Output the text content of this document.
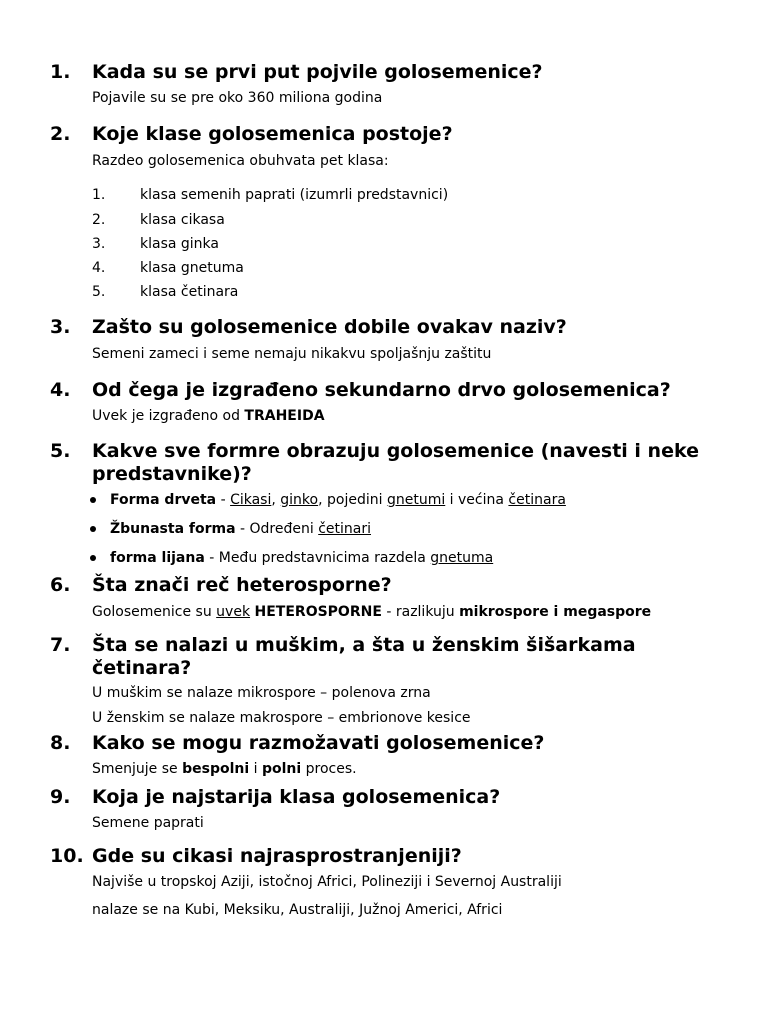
1. Kada su se prvi put pojvile golosemenice?
Pojavile su se pre oko 360 miliona godina
2. Koje klase golosemenica postoje?
Razdeo golosemenica obuhvata pet klasa:
1. klasa semenih paprati (izumrli predstavnici)
2. klasa cikasa
3. klasa ginka
4. klasa gnetuma
5. klasa četinara
3. Zašto su golosemenice dobile ovakav naziv?
Semeni zameci i seme nemaju nikakvu spoljašnju zaštitu
4. Od čega je izgrađeno sekundarno drvo golosemenica?
Uvek je izgrađeno od TRAHEIDA
5. Kakve sve formre obrazuju golosemenice (navesti i neke predstavnike)?
Forma drveta - Cikasi, ginko, pojedini gnetumi i većina četinara
Žbunasta forma - Određeni četinari
forma lijana - Među predstavnicima razdela gnetuma
6. Šta znači reč heterosporne?
Golosemenice su uvek HETEROSPORNE - razlikuju mikrospore i megaspore
7. Šta se nalazi u muškim, a šta u ženskim šišarkama četinara?
U muškim se nalaze mikrospore – polenova zrna
U ženskim se nalaze makrospore – embrionove kesice
8. Kako se mogu razmožavati golosemenice?
Smenjuje se bespolni i polni proces.
9. Koja je najstarija klasa golosemenica?
Semene paprati
10. Gde su cikasi najrasprostranjeniji?
Najviše u tropskoj Aziji, istočnoj Africi, Polineziji i Severnoj Australiji
nalaze se na Kubi, Meksiku, Australiji, Južnoj Americi, Africi
